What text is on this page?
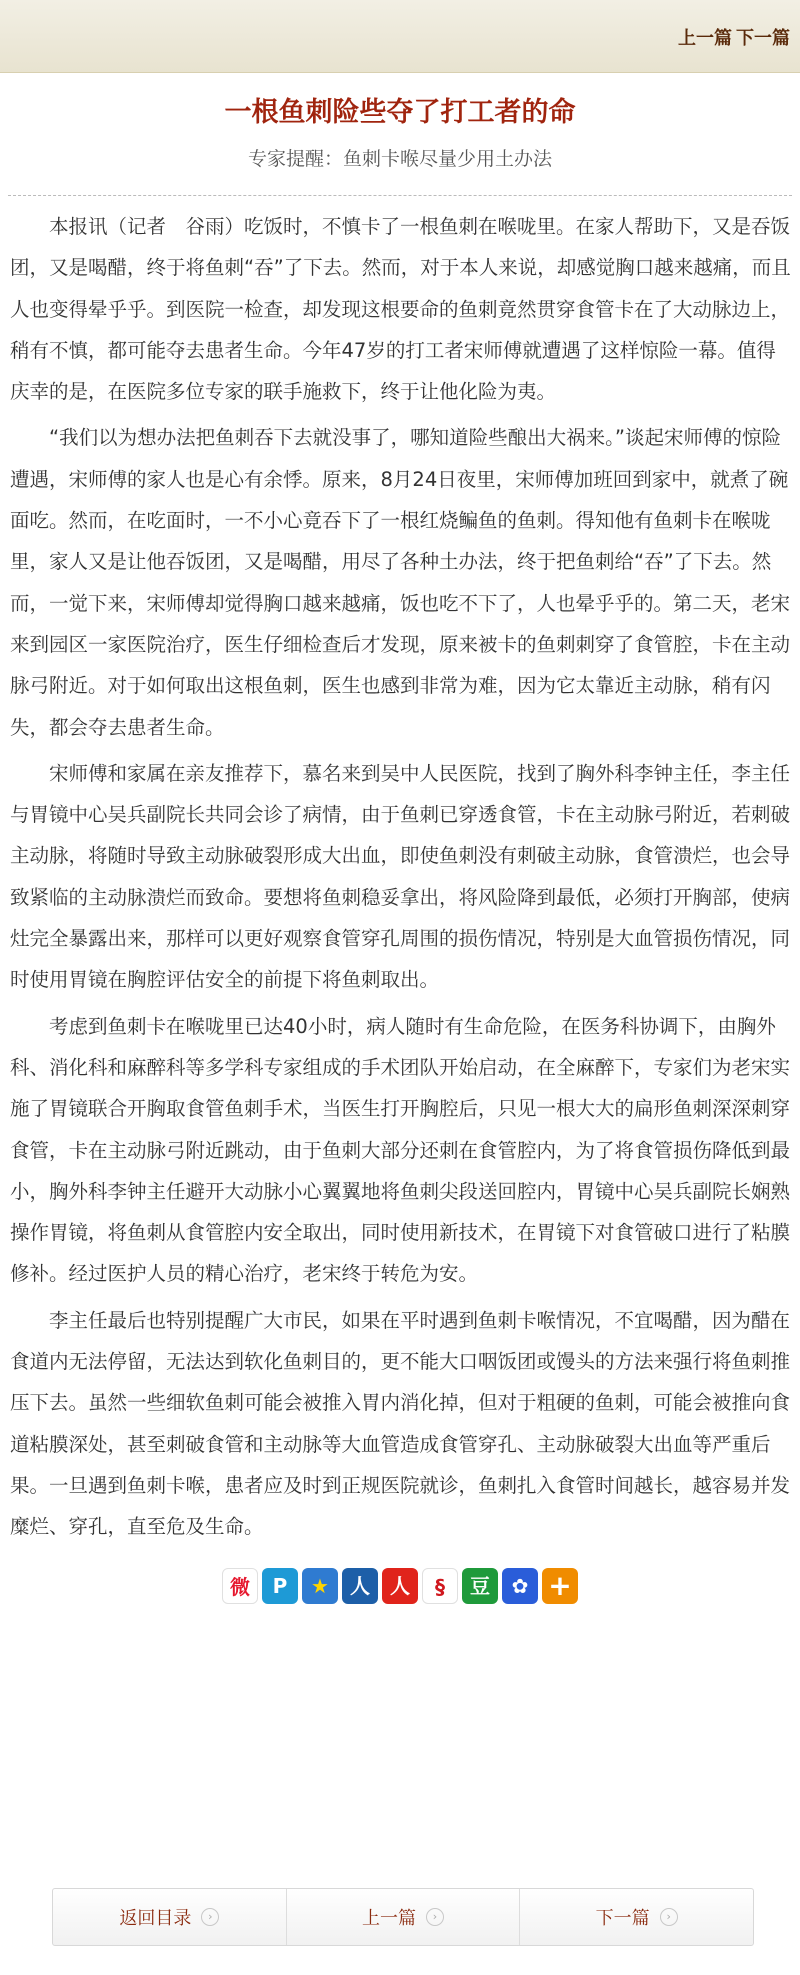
上一篇 下一篇
一根鱼刺险些夺了打工者的命
专家提醒：鱼刺卡喉尽量少用土办法

本报讯（记者　谷雨）吃饭时，不慎卡了一根鱼刺在喉咙里。在家人帮助下，又是吞饭团，又是喝醋，终于将鱼刺“吞”了下去。然而，对于本人来说，却感觉胸口越来越痛，而且人也变得晕乎乎。到医院一检查，却发现这根要命的鱼刺竟然贯穿食管卡在了大动脉边上，稍有不慎，都可能夺去患者生命。今年47岁的打工者宋师傅就遭遇了这样惊险一幕。值得庆幸的是，在医院多位专家的联手施救下，终于让他化险为夷。

“我们以为想办法把鱼刺吞下去就没事了，哪知道险些酿出大祸来。”谈起宋师傅的惊险遭遇，宋师傅的家人也是心有余悸。原来，8月24日夜里，宋师傅加班回到家中，就煮了碗面吃。然而，在吃面时，一不小心竟吞下了一根红烧鳊鱼的鱼刺。得知他有鱼刺卡在喉咙里，家人又是让他吞饭团，又是喝醋，用尽了各种土办法，终于把鱼刺给“吞”了下去。然而，一觉下来，宋师傅却觉得胸口越来越痛，饭也吃不下了，人也晕乎乎的。第二天，老宋来到园区一家医院治疗，医生仔细检查后才发现，原来被卡的鱼刺刺穿了食管腔，卡在主动脉弓附近。对于如何取出这根鱼刺，医生也感到非常为难，因为它太靠近主动脉，稍有闪失，都会夺去患者生命。

宋师傅和家属在亲友推荐下，慕名来到吴中人民医院，找到了胸外科李钟主任，李主任与胃镜中心吴兵副院长共同会诊了病情，由于鱼刺已穿透食管，卡在主动脉弓附近，若刺破主动脉，将随时导致主动脉破裂形成大出血，即使鱼刺没有刺破主动脉，食管溃烂，也会导致紧临的主动脉溃烂而致命。要想将鱼刺稳妥拿出，将风险降到最低，必须打开胸部，使病灶完全暴露出来，那样可以更好观察食管穿孔周围的损伤情况，特别是大血管损伤情况，同时使用胃镜在胸腔评估安全的前提下将鱼刺取出。

考虑到鱼刺卡在喉咙里已达40小时，病人随时有生命危险，在医务科协调下，由胸外科、消化科和麻醉科等多学科专家组成的手术团队开始启动，在全麻醉下，专家们为老宋实施了胃镜联合开胸取食管鱼刺手术，当医生打开胸腔后，只见一根大大的扁形鱼刺深深刺穿食管，卡在主动脉弓附近跳动，由于鱼刺大部分还刺在食管腔内，为了将食管损伤降低到最小，胸外科李钟主任避开大动脉小心翼翼地将鱼刺尖段送回腔内，胃镜中心吴兵副院长娴熟操作胃镜，将鱼刺从食管腔内安全取出，同时使用新技术，在胃镜下对食管破口进行了粘膜修补。经过医护人员的精心治疗，老宋终于转危为安。

李主任最后也特别提醒广大市民，如果在平时遇到鱼刺卡喉情况，不宜喝醋，因为醋在食道内无法停留，无法达到软化鱼刺目的，更不能大口咽饭团或馒头的方法来强行将鱼刺推压下去。虽然一些细软鱼刺可能会被推入胃内消化掉，但对于粗硬的鱼刺，可能会被推向食道粘膜深处，甚至刺破食管和主动脉等大血管造成食管穿孔、主动脉破裂大出血等严重后果。一旦遇到鱼刺卡喉，患者应及时到正规医院就诊，鱼刺扎入食管时间越长，越容易并发糜烂、穿孔，直至危及生命。

微 P ★ 人 人 § 豆 ✿ +
返回目录	›	上一篇	›	下一篇	›
